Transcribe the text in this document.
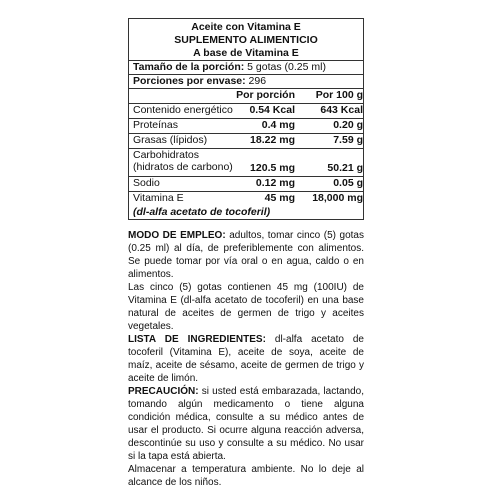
Aceite con Vitamina E
SUPLEMENTO ALIMENTICIO
A base de Vitamina E
Tamaño de la porción: 5 gotas (0.25 ml)
Porciones por envase: 296
Por porción	Por 100 g
Contenido energético	0.54 Kcal	643 Kcal
Proteínas	0.4 mg	0.20 g
Grasas (lípidos)	18.22 mg	7.59 g
Carbohidratos
(hidratos de carbono)	120.5 mg	50.21 g
Sodio	0.12 mg	0.05 g
Vitamina E	45 mg	18,000 mg
(dl-alfa acetato de tocoferil)

MODO DE EMPLEO: adultos, tomar cinco (5) gotas (0.25 ml) al día, de preferiblemente con alimentos. Se puede tomar por vía oral o en agua, caldo o en alimentos.

Las cinco (5) gotas contienen 45 mg (100IU) de Vitamina E (dl-alfa acetato de tocoferil) en una base natural de aceites de germen de trigo y aceites vegetales.

LISTA DE INGREDIENTES: dl-alfa acetato de tocoferil (Vitamina E), aceite de soya, aceite de maíz, aceite de sésamo, aceite de germen de trigo y aceite de limón.

PRECAUCIÓN: si usted está embarazada, lactando, tomando algún medicamento o tiene alguna condición médica, consulte a su médico antes de usar el producto. Si ocurre alguna reacción adversa, descontinúe su uso y consulte a su médico. No usar si la tapa está abierta.

Almacenar a temperatura ambiente. No lo deje al alcance de los niños.
